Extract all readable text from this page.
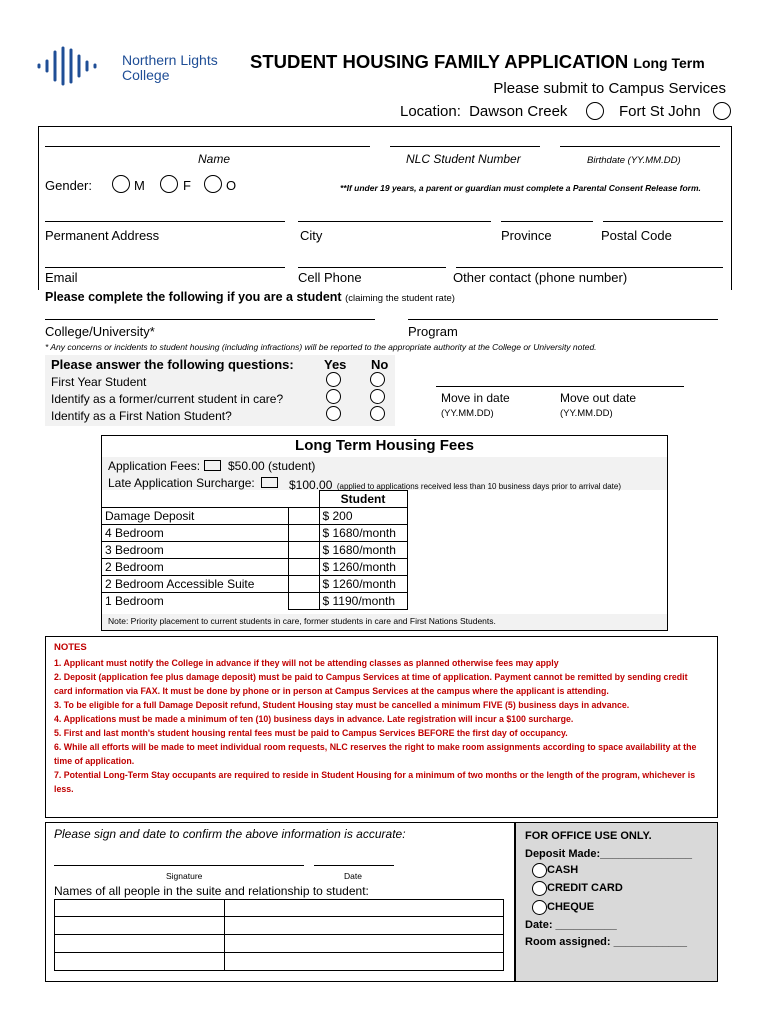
Northern Lights
College
STUDENT HOUSING FAMILY APPLICATION Long Term
Please submit to Campus Services
Location: Dawson Creek	Fort St John
Name	NLC Student Number	Birthdate (YY.MM.DD)
Gender:	M	F	O	**If under 19 years, a parent or guardian must complete a Parental Consent Release form.
Permanent Address	City	Province	Postal Code
Email	Cell Phone	Other contact (phone number)
Please complete the following if you are a student (claiming the student rate)
College/University*	Program
* Any concerns or incidents to student housing (including infractions) will be reported to the appropriate authority at the College or University noted.
Please answer the following questions: Yes No
First Year Student
Identify as a former/current student in care?
Identify as a First Nation Student?
Move in date	Move out date
(YY.MM.DD)	(YY.MM.DD)
Long Term Housing Fees
Application Fees: $50.00 (student)
Late Application Surcharge:	$100.00 (applied to applications received less than 10 business days prior to arrival date)
		Student
Damage Deposit		$ 200
4 Bedroom		$ 1680/month
3 Bedroom		$ 1680/month
2 Bedroom		$ 1260/month
2 Bedroom Accessible Suite		$ 1260/month
1 Bedroom		$ 1190/month
Note: Priority placement to current students in care, former students in care and First Nations Students.
NOTES
1. Applicant must notify the College in advance if they will not be attending classes as planned otherwise fees may apply
2. Deposit (application fee plus damage deposit) must be paid to Campus Services at time of application. Payment cannot be remitted by sending credit card information via FAX. It must be done by phone or in person at Campus Services at the campus where the applicant is attending.
3. To be eligible for a full Damage Deposit refund, Student Housing stay must be cancelled a minimum FIVE (5) business days in advance.
4. Applications must be made a minimum of ten (10) business days in advance. Late registration will incur a $100 surcharge.
5. First and last month's student housing rental fees must be paid to Campus Services BEFORE the first day of occupancy.
6. While all efforts will be made to meet individual room requests, NLC reserves the right to make room assignments according to space availability at the time of application.
7. Potential Long-Term Stay occupants are required to reside in Student Housing for a minimum of two months or the length of the program, whichever is less.
Please sign and date to confirm the above information is accurate:
Signature	Date
Names of all people in the suite and relationship to student:
FOR OFFICE USE ONLY.
Deposit Made:_______________
CASH
CREDIT CARD
CHEQUE
Date: __________
Room assigned: ____________
